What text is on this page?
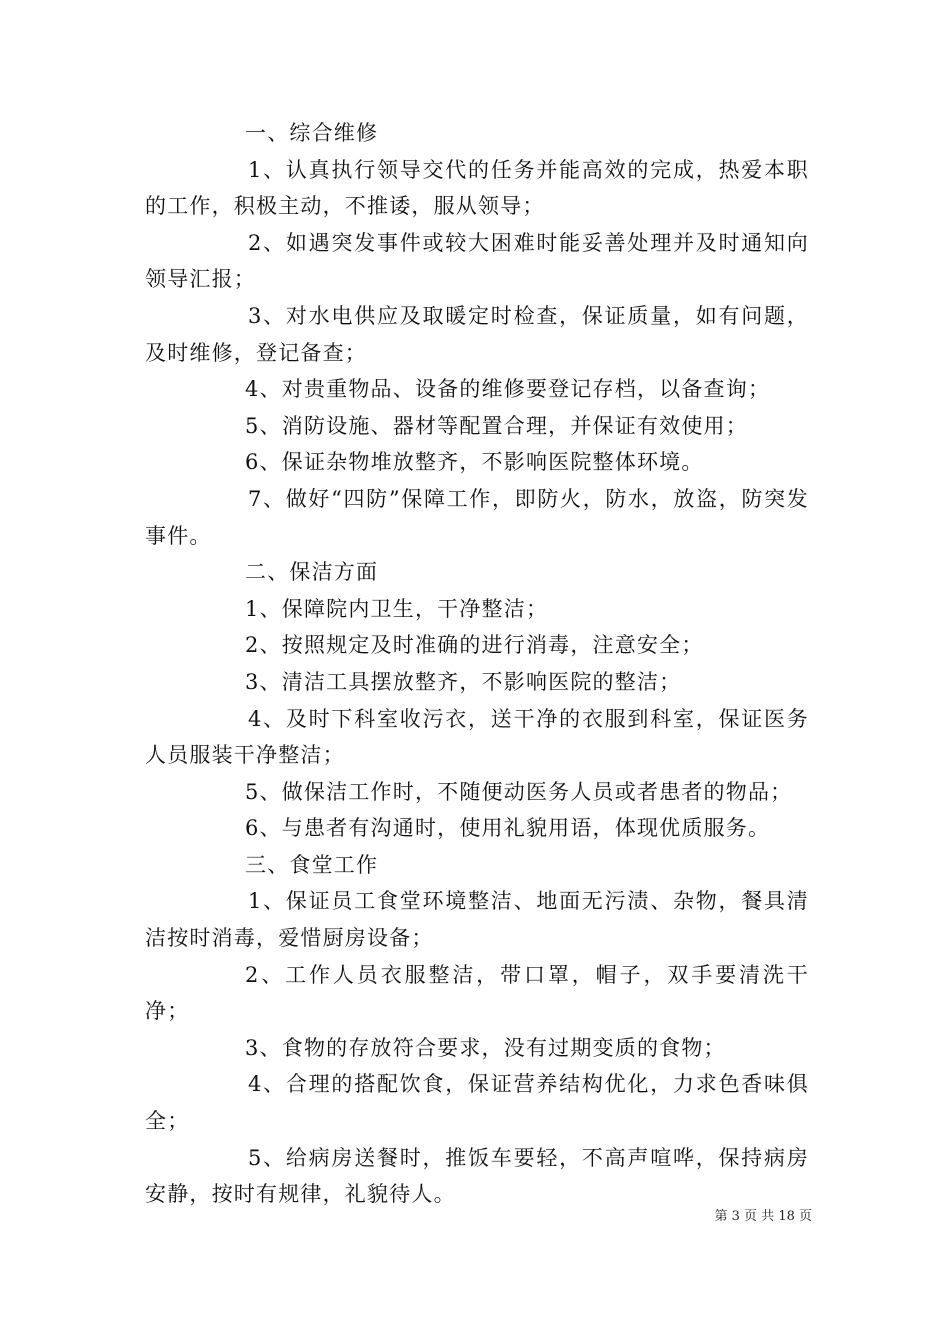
一、综合维修

1、认真执行领导交代的任务并能高效的完成，热爱本职的工作，积极主动，不推诿，服从领导；

2、如遇突发事件或较大困难时能妥善处理并及时通知向领导汇报；

3、对水电供应及取暖定时检查，保证质量，如有问题，及时维修，登记备查；

4、对贵重物品、设备的维修要登记存档，以备查询；

5、消防设施、器材等配置合理，并保证有效使用；

6、保证杂物堆放整齐，不影响医院整体环境。

7、做好“四防”保障工作，即防火，防水，放盗，防突发事件。

二、保洁方面

1、保障院内卫生，干净整洁；

2、按照规定及时准确的进行消毒，注意安全；

3、清洁工具摆放整齐，不影响医院的整洁；

4、及时下科室收污衣，送干净的衣服到科室，保证医务人员服装干净整洁；

5、做保洁工作时，不随便动医务人员或者患者的物品；

6、与患者有沟通时，使用礼貌用语，体现优质服务。

三、食堂工作

1、保证员工食堂环境整洁、地面无污渍、杂物，餐具清洁按时消毒，爱惜厨房设备；

2、工作人员衣服整洁，带口罩，帽子，双手要清洗干净；

3、食物的存放符合要求，没有过期变质的食物；

4、合理的搭配饮食，保证营养结构优化，力求色香味俱全；

5、给病房送餐时，推饭车要轻，不高声喧哗，保持病房安静，按时有规律，礼貌待人。

第 3 页 共 18 页
